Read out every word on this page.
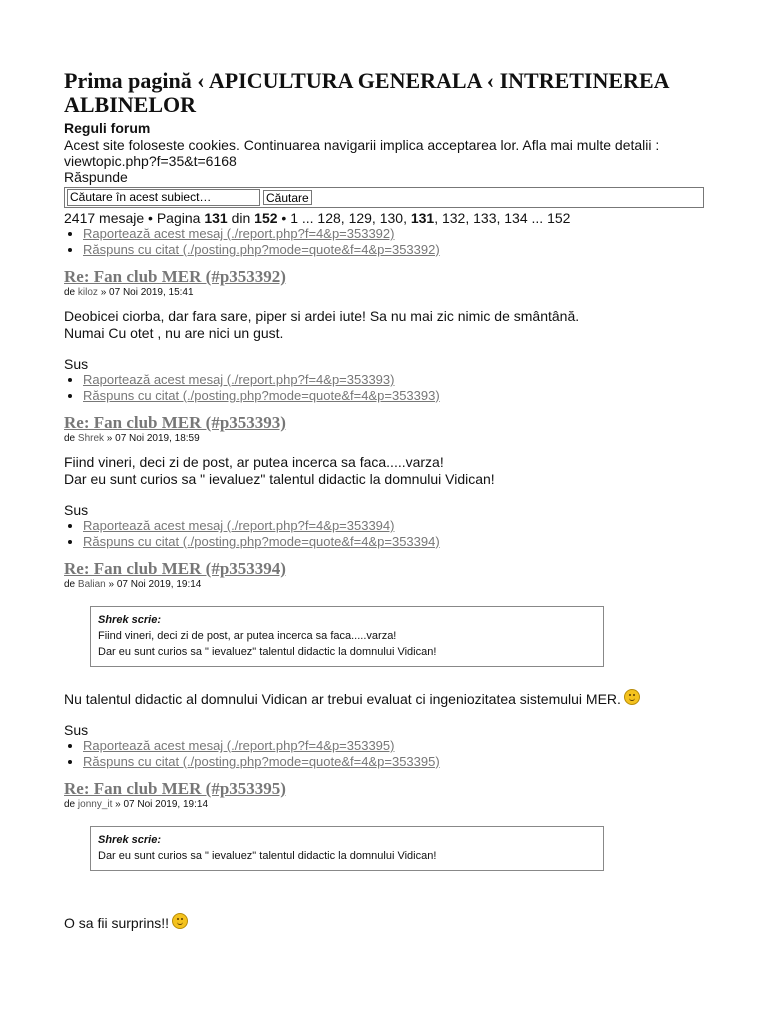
Prima pagină ‹ APICULTURA GENERALA ‹ INTRETINEREA ALBINELOR
Reguli forum
Acest site foloseste cookies. Continuarea navigarii implica acceptarea lor. Afla mai multe detalii : viewtopic.php?f=35&t=6168
Răspunde
Căutare în acest subiect…
Căutare
2417 mesaje • Pagina 131 din 152 • 1 ... 128, 129, 130, 131, 132, 133, 134 ... 152
• Raportează acest mesaj (./report.php?f=4&p=353392)
• Răspuns cu citat (./posting.php?mode=quote&f=4&p=353392)
Re: Fan club MER (#p353392)
de kiloz » 07 Noi 2019, 15:41
Deobicei ciorba, dar fara sare, piper si ardei iute! Sa nu mai zic nimic de smântână.
Numai Cu otet , nu are nici un gust.
Sus
• Raportează acest mesaj (./report.php?f=4&p=353393)
• Răspuns cu citat (./posting.php?mode=quote&f=4&p=353393)
Re: Fan club MER (#p353393)
de Shrek » 07 Noi 2019, 18:59
Fiind vineri, deci zi de post, ar putea incerca sa faca.....varza!
Dar eu sunt curios sa " ievaluez" talentul didactic la domnului Vidican!
Sus
• Raportează acest mesaj (./report.php?f=4&p=353394)
• Răspuns cu citat (./posting.php?mode=quote&f=4&p=353394)
Re: Fan club MER (#p353394)
de Balian » 07 Noi 2019, 19:14
Shrek scrie:
Fiind vineri, deci zi de post, ar putea incerca sa faca.....varza!
Dar eu sunt curios sa " ievaluez" talentul didactic la domnului Vidican!
Nu talentul didactic al domnului Vidican ar trebui evaluat ci ingeniozitatea sistemului MER.
Sus
• Raportează acest mesaj (./report.php?f=4&p=353395)
• Răspuns cu citat (./posting.php?mode=quote&f=4&p=353395)
Re: Fan club MER (#p353395)
de jonny_it » 07 Noi 2019, 19:14
Shrek scrie:
Dar eu sunt curios sa " ievaluez" talentul didactic la domnului Vidican!
O sa fii surprins!!
